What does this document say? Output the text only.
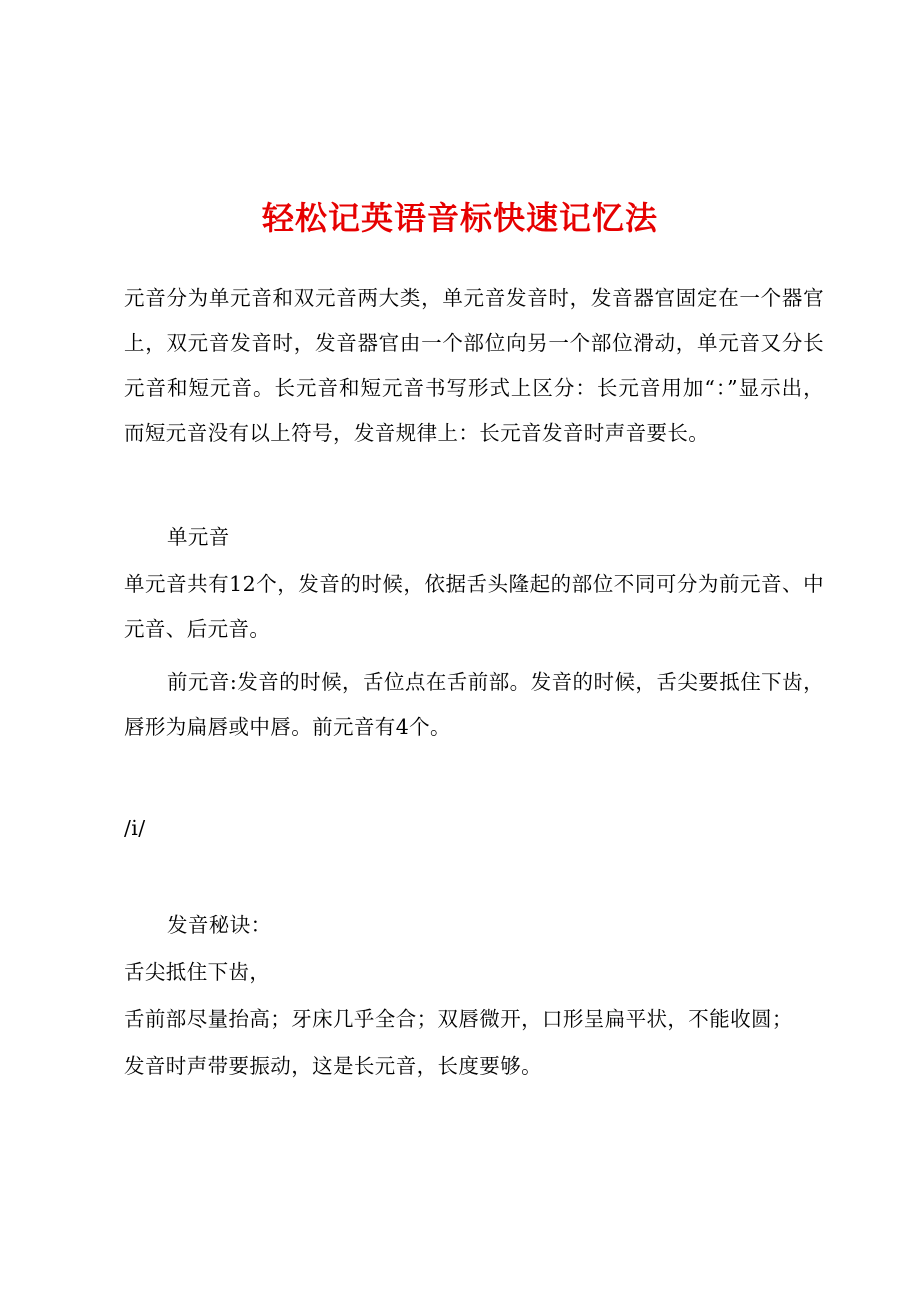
轻松记英语音标快速记忆法
元音分为单元音和双元音两大类，单元音发音时，发音器官固定在一个器官上，双元音发音时，发音器官由一个部位向另一个部位滑动，单元音又分长元音和短元音。长元音和短元音书写形式上区分：长元音用加“：”显示出，而短元音没有以上符号，发音规律上：长元音发音时声音要长。
单元音
单元音共有12个，发音的时候，依据舌头隆起的部位不同可分为前元音、中元音、后元音。
前元音:发音的时候，舌位点在舌前部。发音的时候，舌尖要抵住下齿，唇形为扁唇或中唇。前元音有4个。
/i/
发音秘诀：
舌尖抵住下齿，
舌前部尽量抬高；牙床几乎全合；双唇微开，口形呈扁平状，不能收圆；
发音时声带要振动，这是长元音，长度要够。
